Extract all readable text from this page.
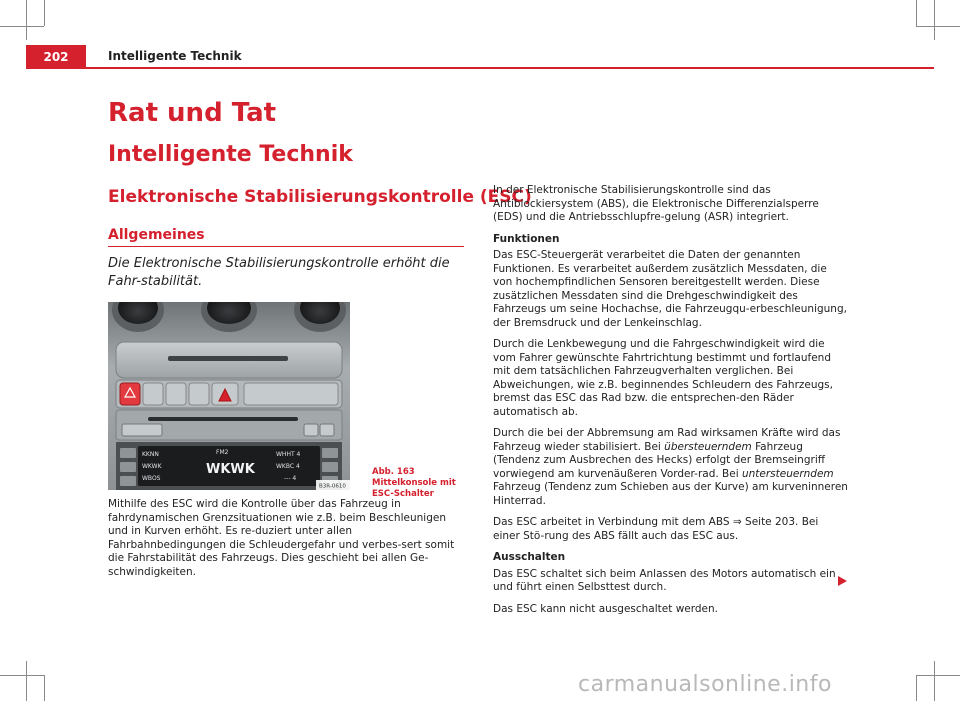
202	Intelligente Technik
Rat und Tat
Intelligente Technik
Elektronische Stabilisierungskontrolle (ESC)
Allgemeines

Die Elektronische Stabilisierungskontrolle erhöht die Fahr-stabilität.

KKNN
WKWK
WBOS
FM2
WKWK
WHHT 4
WKBC 4
--- 4
B3R-0610

Abb. 163 Mittelkonsole mit ESC-Schalter

Mithilfe des ESC wird die Kontrolle über das Fahrzeug in fahrdynamischen Grenzsituationen wie z.B. beim Beschleunigen und in Kurven erhöht. Es re-duziert unter allen Fahrbahnbedingungen die Schleudergefahr und verbes-sert somit die Fahrstabilität des Fahrzeugs. Dies geschieht bei allen Ge-schwindigkeiten.

In der Elektronische Stabilisierungskontrolle sind das Antiblockiersystem (ABS), die Elektronische Differenzialsperre (EDS) und die Antriebsschlupfre-gelung (ASR) integriert.

Funktionen

Das ESC-Steuergerät verarbeitet die Daten der genannten Funktionen. Es verarbeitet außerdem zusätzlich Messdaten, die von hochempfindlichen Sensoren bereitgestellt werden. Diese zusätzlichen Messdaten sind die Drehgeschwindigkeit des Fahrzeugs um seine Hochachse, die Fahrzeugqu-erbeschleunigung, der Bremsdruck und der Lenkeinschlag.

Durch die Lenkbewegung und die Fahrgeschwindigkeit wird die vom Fahrer gewünschte Fahrtrichtung bestimmt und fortlaufend mit dem tatsächlichen Fahrzeugverhalten verglichen. Bei Abweichungen, wie z.B. beginnendes Schleudern des Fahrzeugs, bremst das ESC das Rad bzw. die entsprechen-den Räder automatisch ab.

Durch die bei der Abbremsung am Rad wirksamen Kräfte wird das Fahrzeug wieder stabilisiert. Bei übersteuerndem Fahrzeug (Tendenz zum Ausbrechen des Hecks) erfolgt der Bremseingriff vorwiegend am kurvenäußeren Vorder-rad. Bei untersteuerndem Fahrzeug (Tendenz zum Schieben aus der Kurve) am kurveninneren Hinterrad.

Das ESC arbeitet in Verbindung mit dem ABS ⇒ Seite 203. Bei einer Stö-rung des ABS fällt auch das ESC aus.

Ausschalten

Das ESC schaltet sich beim Anlassen des Motors automatisch ein und führt einen Selbsttest durch.

Das ESC kann nicht ausgeschaltet werden.

carmanualsonline.info
